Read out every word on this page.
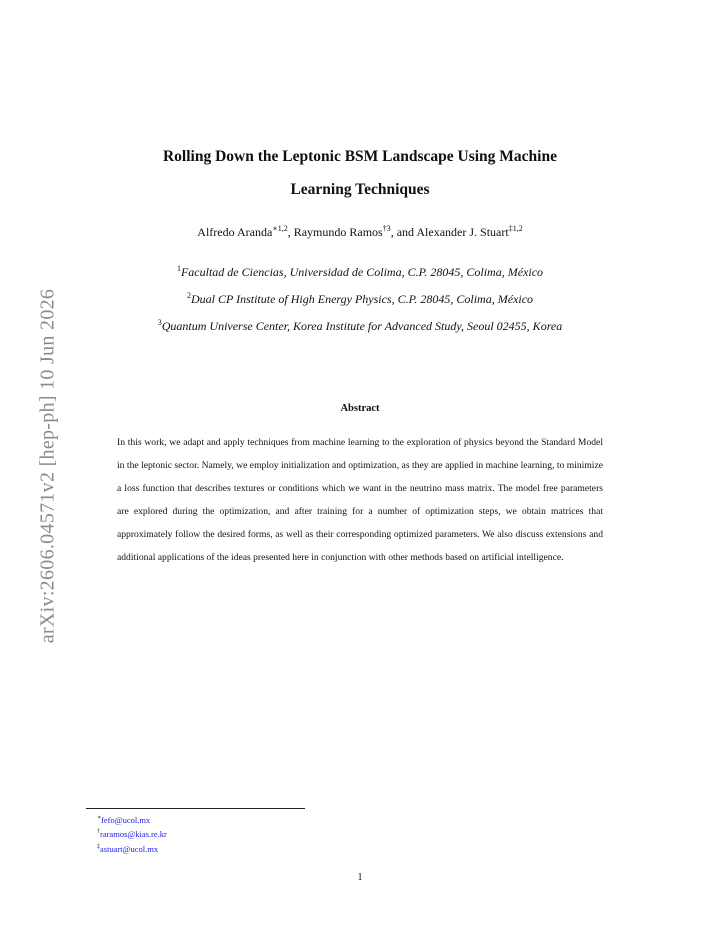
arXiv:2606.04571v2 [hep-ph] 10 Jun 2026
Rolling Down the Leptonic BSM Landscape Using Machine
Learning Techniques
Alfredo Aranda$^{∗1,2}$, Raymundo Ramos$^{\dagger 3}$, and Alexander J. Stuart$^{\ddagger 1,2}$
$^1$Facultad de Ciencias, Universidad de Colima, C.P. 28045, Colima, México
$^2$Dual CP Institute of High Energy Physics, C.P. 28045, Colima, México
$^3$Quantum Universe Center, Korea Institute for Advanced Study, Seoul 02455, Korea
Abstract
In this work, we adapt and apply techniques from machine learning to the exploration of physics beyond the Standard Model in the leptonic sector. Namely, we employ initialization and optimization, as they are applied in machine learning, to minimize a loss function that describes textures or conditions which we want in the neutrino mass matrix. The model free parameters are explored during the optimization, and after training for a number of optimization steps, we obtain matrices that approximately follow the desired forms, as well as their corresponding optimized parameters. We also discuss extensions and additional applications of the ideas presented here in conjunction with other methods based on artificial intelligence.
∗fefo@ucol.mx
†raramos@kias.re.kr
‡astuart@ucol.mx
1
